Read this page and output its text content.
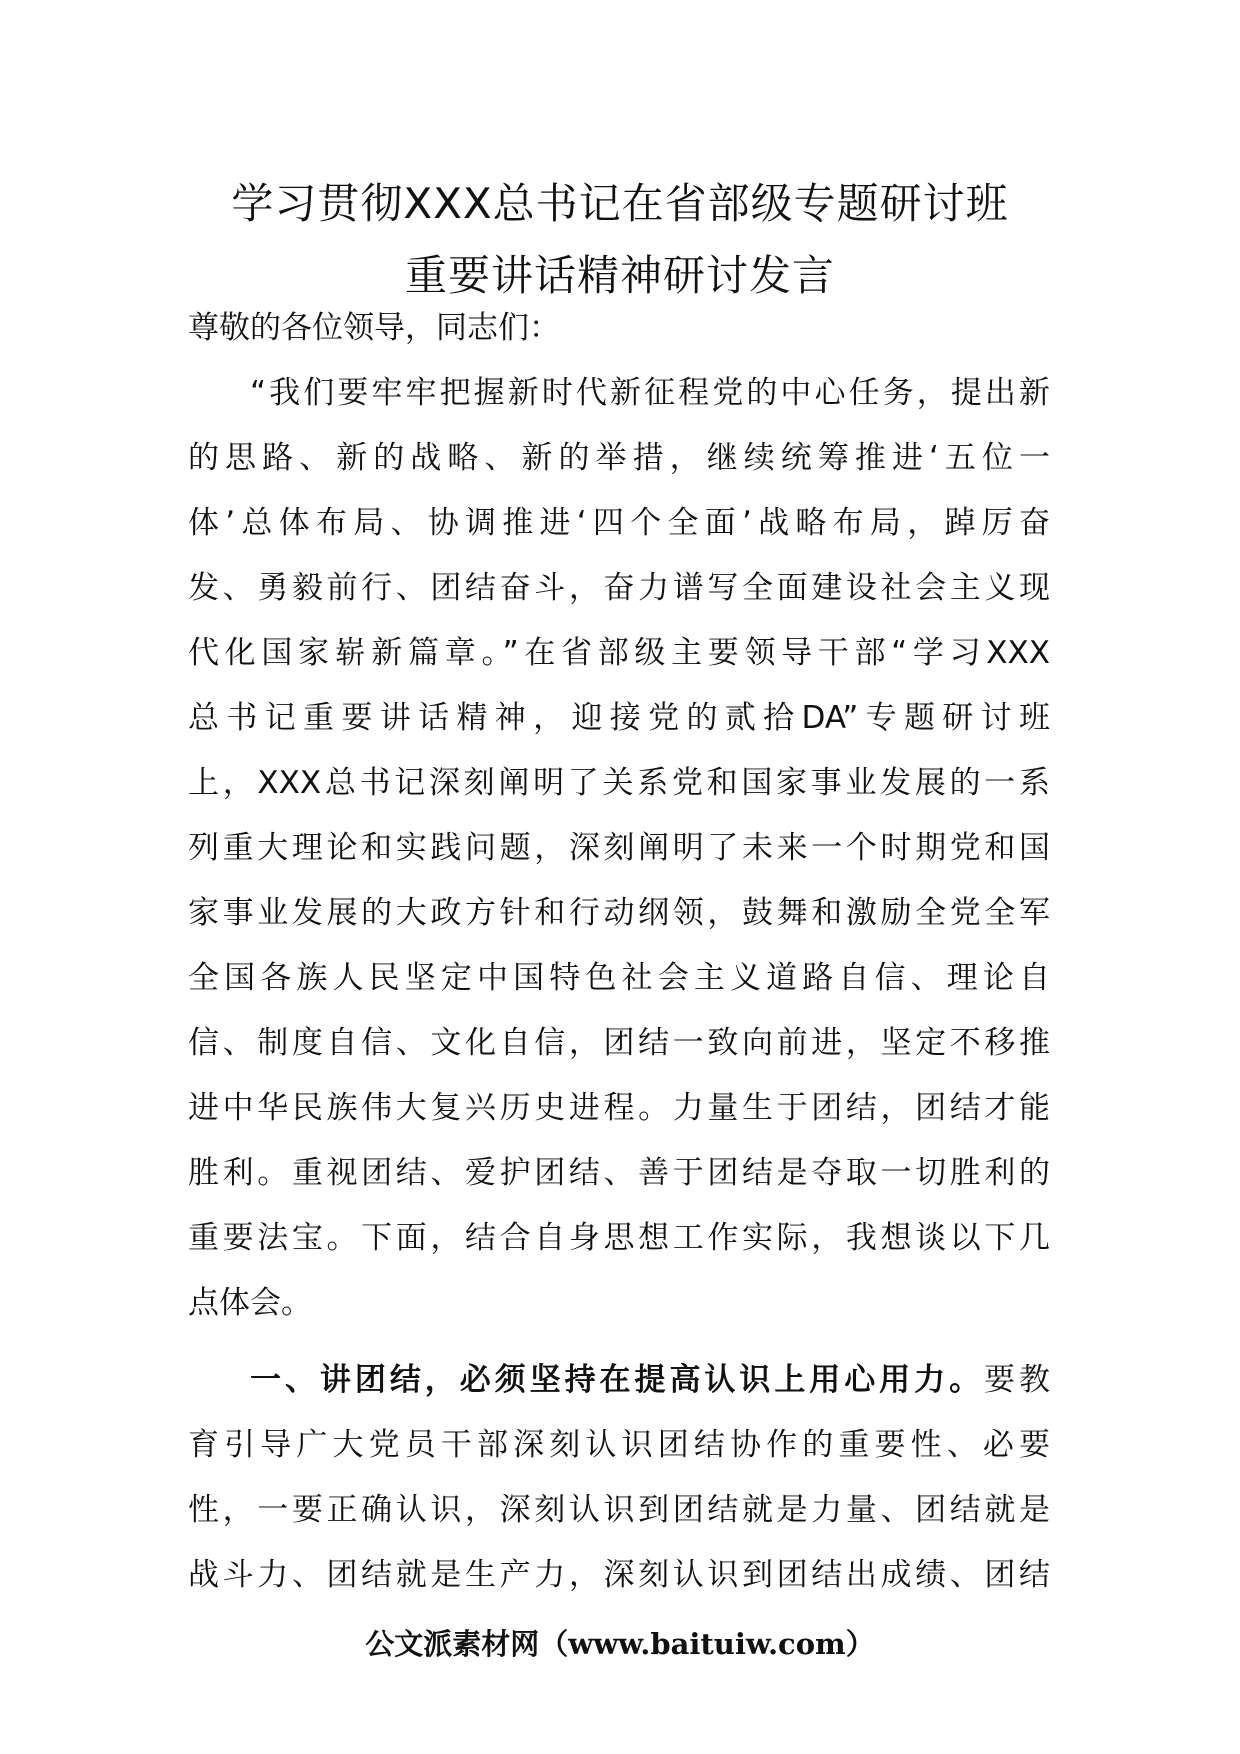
学习贯彻XXX总书记在省部级专题研讨班
重要讲话精神研讨发言
尊敬的各位领导，同志们：
“我们要牢牢把握新时代新征程党的中心任务，提出新
的思路、新的战略、新的举措，继续统筹推进‘五位一
体’总体布局、协调推进‘四个全面’战略布局，踔厉奋
发、勇毅前行、团结奋斗，奋力谱写全面建设社会主义现
代化国家崭新篇章。”在省部级主要领导干部“学习XXX
总书记重要讲话精神，迎接党的贰拾DA”专题研讨班
上，XXX总书记深刻阐明了关系党和国家事业发展的一系
列重大理论和实践问题，深刻阐明了未来一个时期党和国
家事业发展的大政方针和行动纲领，鼓舞和激励全党全军
全国各族人民坚定中国特色社会主义道路自信、理论自
信、制度自信、文化自信，团结一致向前进，坚定不移推
进中华民族伟大复兴历史进程。力量生于团结，团结才能
胜利。重视团结、爱护团结、善于团结是夺取一切胜利的
重要法宝。下面，结合自身思想工作实际，我想谈以下几
点体会。
一、讲团结，必须坚持在提高认识上用心用力。要教
育引导广大党员干部深刻认识团结协作的重要性、必要
性，一要正确认识，深刻认识到团结就是力量、团结就是
战斗力、团结就是生产力，深刻认识到团结出成绩、团结
公文派素材网（www.baituiw.com）
